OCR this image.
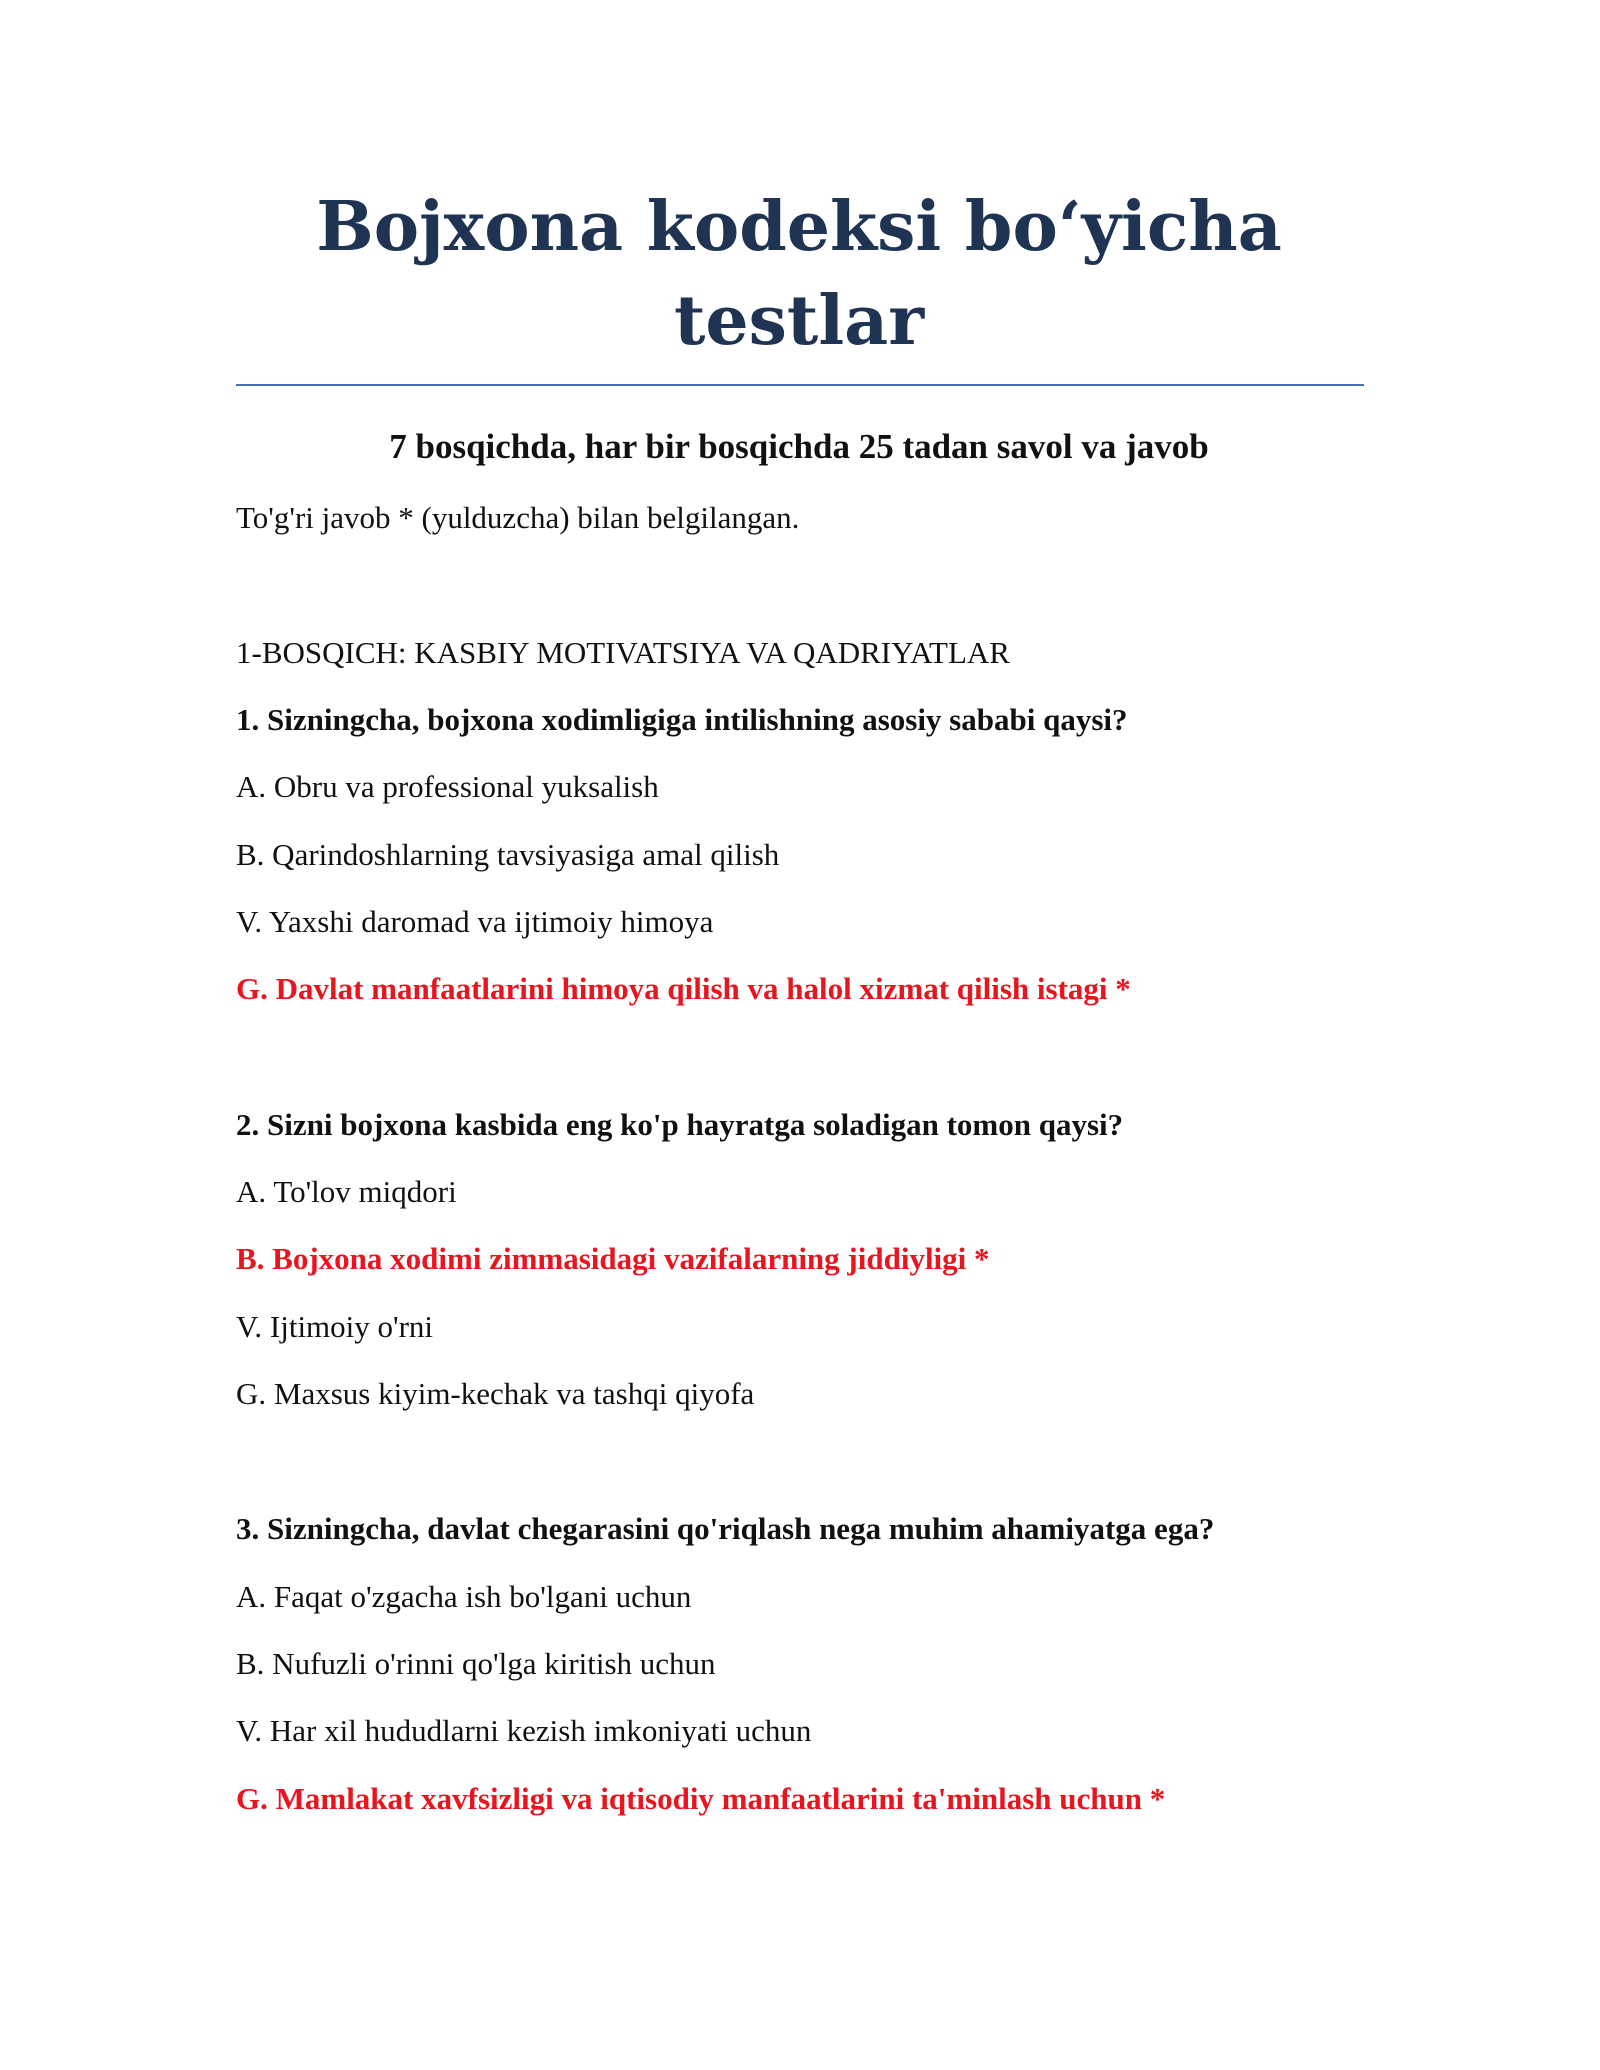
Bojxona kodeksi bo‘yicha testlar
7 bosqichda, har bir bosqichda 25 tadan savol va javob

To'g'ri javob * (yulduzcha) bilan belgilangan.

1-BOSQICH: KASBIY MOTIVATSIYA VA QADRIYATLAR

1. Sizningcha, bojxona xodimligiga intilishning asosiy sababi qaysi?

A. Obru va professional yuksalish

B. Qarindoshlarning tavsiyasiga amal qilish

V. Yaxshi daromad va ijtimoiy himoya

G. Davlat manfaatlarini himoya qilish va halol xizmat qilish istagi *

2. Sizni bojxona kasbida eng ko'p hayratga soladigan tomon qaysi?

A. To'lov miqdori

B. Bojxona xodimi zimmasidagi vazifalarning jiddiyligi *

V. Ijtimoiy o'rni

G. Maxsus kiyim-kechak va tashqi qiyofa

3. Sizningcha, davlat chegarasini qo'riqlash nega muhim ahamiyatga ega?

A. Faqat o'zgacha ish bo'lgani uchun

B. Nufuzli o'rinni qo'lga kiritish uchun

V. Har xil hududlarni kezish imkoniyati uchun

G. Mamlakat xavfsizligi va iqtisodiy manfaatlarini ta'minlash uchun *
